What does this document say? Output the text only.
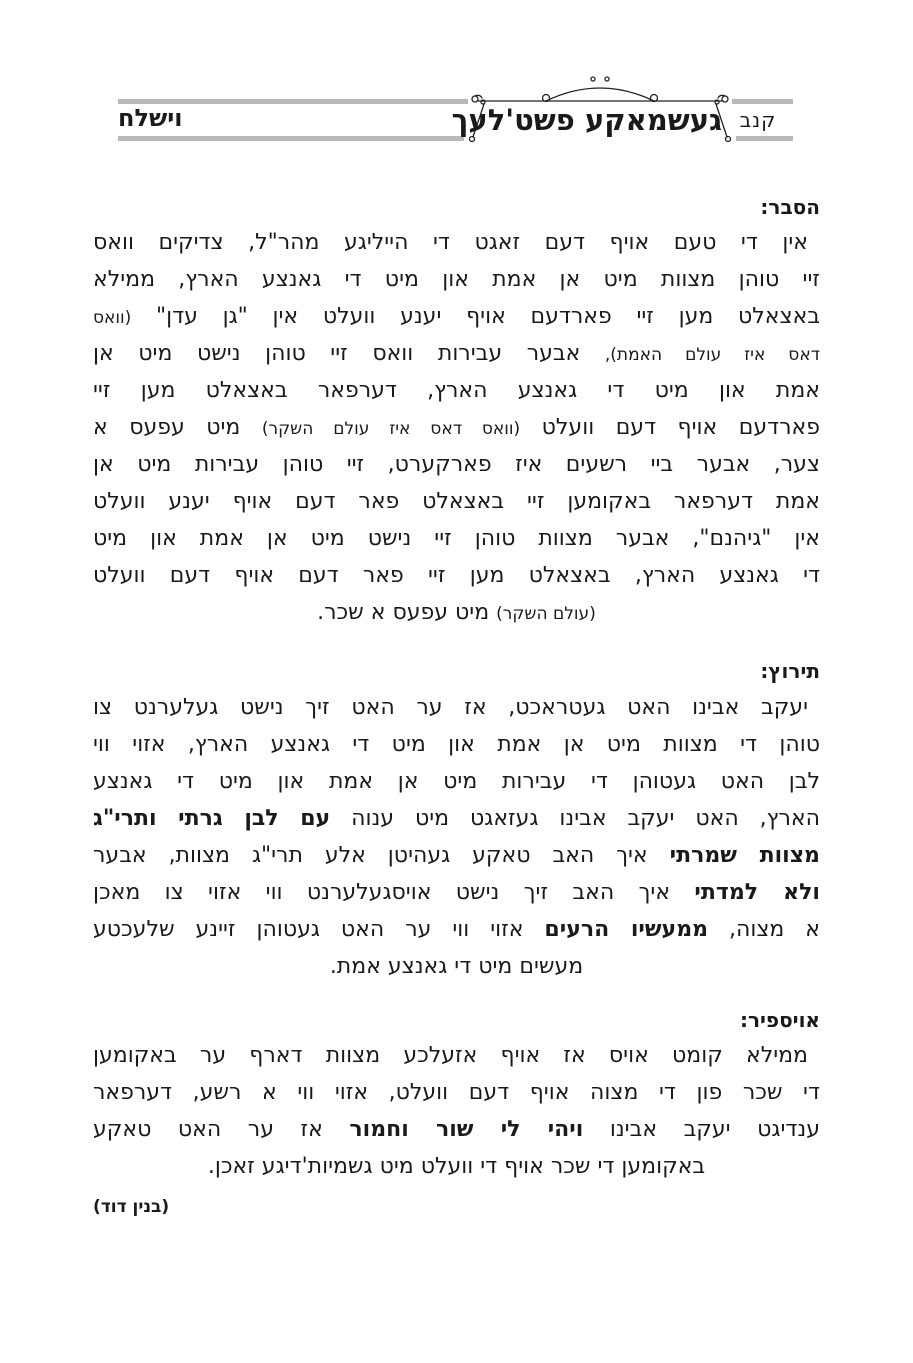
קנב
וישלח	געשמאקע פשט'לעך
הסבר:
אין די טעם אויף דעם זאגט די הייליגע מהר"ל, צדיקים וואס
זיי טוהן מצוות מיט אן אמת און מיט די גאנצע הארץ, ממילא
באצאלט מען זיי פארדעם אויף יענע וועלט אין "גן עדן" (וואס
דאס איז עולם האמת), אבער עבירות וואס זיי טוהן נישט מיט אן
אמת און מיט די גאנצע הארץ, דערפאר באצאלט מען זיי
פארדעם אויף דעם וועלט (וואס דאס איז עולם השקר) מיט עפעס א
צער, אבער ביי רשעים איז פארקערט, זיי טוהן עבירות מיט אן
אמת דערפאר באקומען זיי באצאלט פאר דעם אויף יענע וועלט
אין "גיהנם", אבער מצוות טוהן זיי נישט מיט אן אמת און מיט
די גאנצע הארץ, באצאלט מען זיי פאר דעם אויף דעם וועלט
(עולם השקר) מיט עפעס א שכר.
תירוץ:
יעקב אבינו האט געטראכט, אז ער האט זיך נישט געלערנט צו
טוהן די מצוות מיט אן אמת און מיט די גאנצע הארץ, אזוי ווי
לבן האט געטוהן די עבירות מיט אן אמת און מיט די גאנצע
הארץ, האט יעקב אבינו געזאגט מיט ענוה עם לבן גרתי ותרי"ג
מצוות שמרתי איך האב טאקע געהיטן אלע תרי"ג מצוות, אבער
ולא למדתי איך האב זיך נישט אויסגעלערנט ווי אזוי צו מאכן
א מצוה, ממעשיו הרעים אזוי ווי ער האט געטוהן זיינע שלעכטע
מעשים מיט די גאנצע אמת.
אויספיר:
ממילא קומט אויס אז אויף אזעלכע מצוות דארף ער באקומען
די שכר פון די מצוה אויף דעם וועלט, אזוי ווי א רשע, דערפאר
ענדיגט יעקב אבינו ויהי לי שור וחמור אז ער האט טאקע
באקומען די שכר אויף די וועלט מיט גשמיות'דיגע זאכן.
(בנין דוד)
